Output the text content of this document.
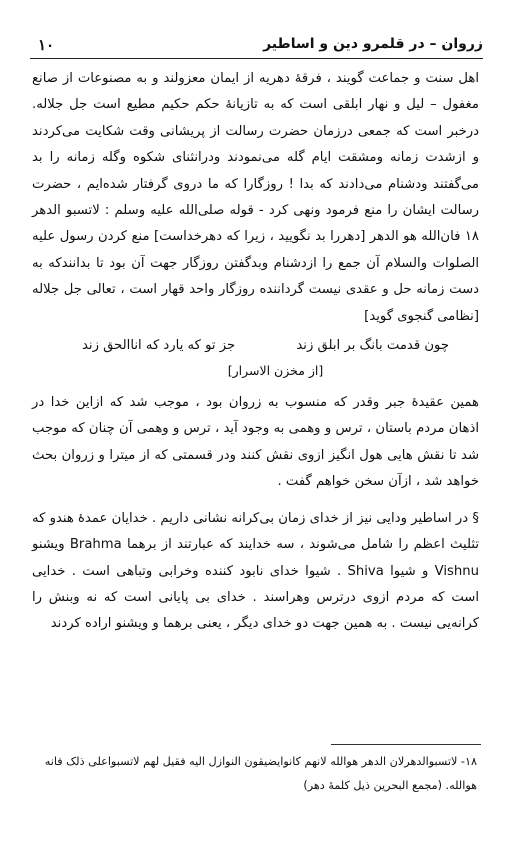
۱۰	زروان – در قلمرو دین و اساطیر

اهل سنت و جماعت گویند ، فرقهٔ دهریه از ایمان معزولند و به مصنوعات از صانع مغفول – لیل و نهار ابلقی است که به تازیانهٔ حکم حکیم مطیع است جل جلاله. درخبر است که جمعی درزمان حضرت رسالت از پریشانی وقت شکایت می‌کردند و ازشدت زمانه ومشقت ایام گله می‌نمودند ودرانثنای شکوه وگله زمانه را بد می‌گفتند ودشنام می‌دادند که بدا ! روزگارا که ما دروی گرفتار شده‌ایم ، حضرت رسالت ایشان را منع فرمود ونهی کرد - قوله صلی‌الله علیه وسلم : لاتسبو الدهر ۱۸ فان‌الله هو الدهر [دهررا بد نگویید ، زیرا که دهرخداست] منع کردن رسول علیه الصلوات والسلام آن جمع را ازدشنام وبدگفتن روزگار جهت آن بود تا بدانندکه به دست زمانه حل و عقدی نیست گرداننده روزگار واحد قهار است ، تعالی جل جلاله [نظامی گنجوی گوید]

چون قدمت بانگ بر ابلق زند
جز تو که یارد که اناالحق زند
[از مخزن الاسرار]

همین عقیدهٔ جبر وقدر که منسوب به زروان بود ، موجب شد که ازاین خدا در اذهان مردم باستان ، ترس و وهمی به وجود آید ، ترس و وهمی آن چنان که موجب شد تا نقش هایی هول انگیز ازوی نقش کنند ودر قسمتی که از میترا و زروان بحث خواهد شد ، ازآن سخن خواهم گفت .

§ در اساطیر ودایی نیز از خدای زمان بی‌کرانه نشانی داریم . خدایان عمدهٔ هندو که تثلیث اعظم را شامل می‌شوند ، سه خدایند که عبارتند از برهما Brahma ویشنو Vishnu و شیوا Shiva . شیوا خدای نابود کننده وخرابی وتباهی است . خدایی است که مردم ازوی درترس وهراسند . خدای بی پایانی است که نه وبنش را کرانه‌یی نیست . به همین جهت دو خدای دیگر ، یعنی برهما و ویشنو اراده کردند

۱۸- لاتسبوالدهرلان الدهر هوالله لانهم کانوایضیقون النوازل الیه فقیل لهم لاتسبواعلی ذلک فانه هوالله. (مجمع البحرین ذیل کلمهٔ دهر)
